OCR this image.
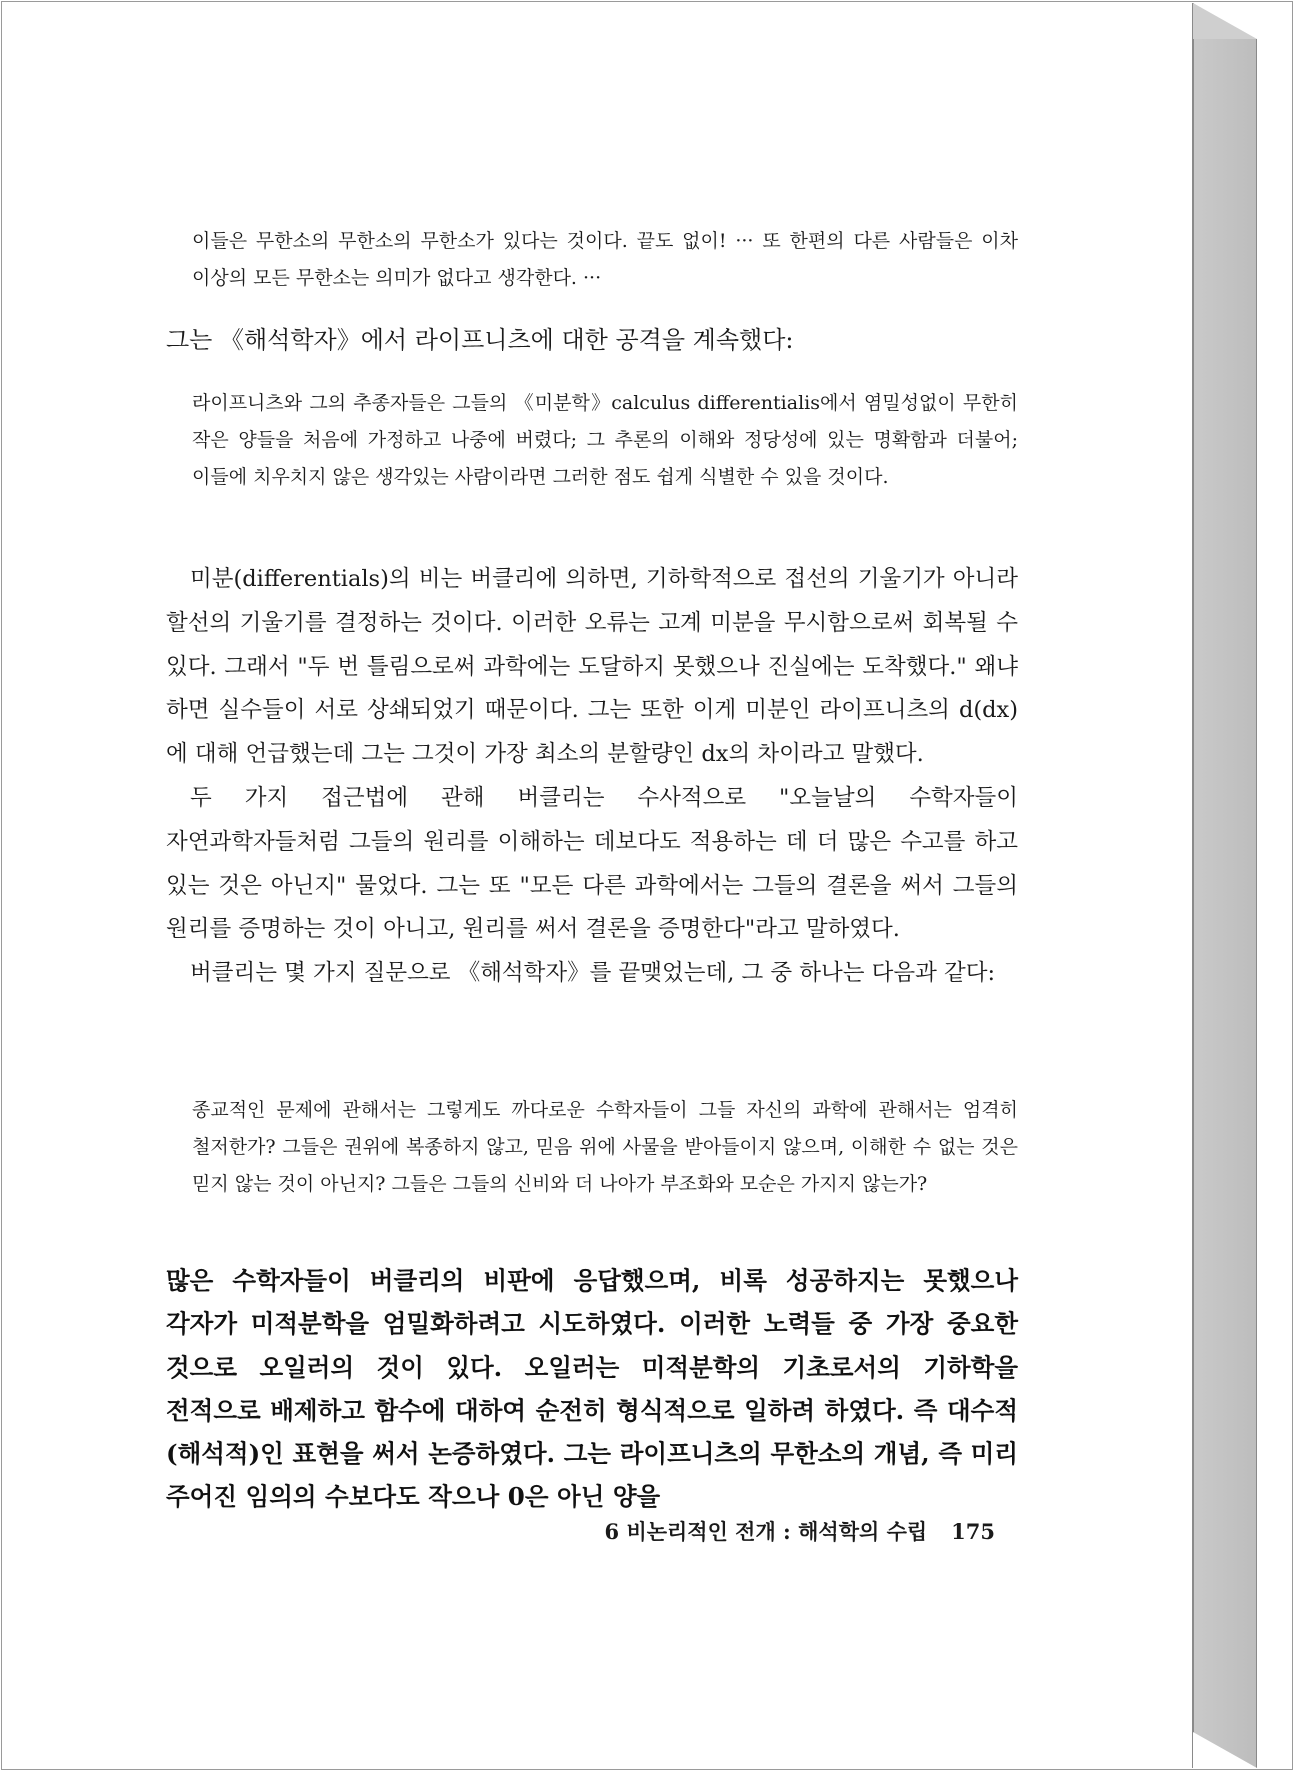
이들은 무한소의 무한소의 무한소가 있다는 것이다. 끝도 없이! ··· 또 한편의 다른 사람들은 이차 이상의 모든 무한소는 의미가 없다고 생각한다. ···
그는 《해석학자》에서 라이프니츠에 대한 공격을 계속했다:
라이프니츠와 그의 추종자들은 그들의 《미분학》calculus differentialis에서 염밀성없이 무한히 작은 양들을 처음에 가정하고 나중에 버렸다; 그 추론의 이해와 정당성에 있는 명확함과 더불어; 이들에 치우치지 않은 생각있는 사람이라면 그러한 점도 쉽게 식별한 수 있을 것이다.

미분(differentials)의 비는 버클리에 의하면, 기하학적으로 접선의 기울기가 아니라 할선의 기울기를 결정하는 것이다. 이러한 오류는 고계 미분을 무시함으로써 회복될 수 있다. 그래서 "두 번 틀림으로써 과학에는 도달하지 못했으나 진실에는 도착했다." 왜냐 하면 실수들이 서로 상쇄되었기 때문이다. 그는 또한 이게 미분인 라이프니츠의 d(dx)에 대해 언급했는데 그는 그것이 가장 최소의 분할량인 dx의 차이라고 말했다.

두 가지 접근법에 관해 버클리는 수사적으로 "오늘날의 수학자들이 자연과학자들처럼 그들의 원리를 이해하는 데보다도 적용하는 데 더 많은 수고를 하고 있는 것은 아닌지" 물었다. 그는 또 "모든 다른 과학에서는 그들의 결론을 써서 그들의 원리를 증명하는 것이 아니고, 원리를 써서 결론을 증명한다"라고 말하였다.

버클리는 몇 가지 질문으로 《해석학자》를 끝맺었는데, 그 중 하나는 다음과 같다:

종교적인 문제에 관해서는 그렇게도 까다로운 수학자들이 그들 자신의 과학에 관해서는 엄격히 철저한가? 그들은 권위에 복종하지 않고, 믿음 위에 사물을 받아들이지 않으며, 이해한 수 없는 것은 믿지 않는 것이 아닌지? 그들은 그들의 신비와 더 나아가 부조화와 모순은 가지지 않는가?
많은 수학자들이 버클리의 비판에 응답했으며, 비록 성공하지는 못했으나 각자가 미적분학을 엄밀화하려고 시도하였다. 이러한 노력들 중 가장 중요한 것으로 오일러의 것이 있다. 오일러는 미적분학의 기초로서의 기하학을 전적으로 배제하고 함수에 대하여 순전히 형식적으로 일하려 하였다. 즉 대수적(해석적)인 표현을 써서 논증하였다. 그는 라이프니츠의 무한소의 개념, 즉 미리 주어진 임의의 수보다도 작으나 0은 아닌 양을
6 비논리적인 전개 : 해석학의 수립 175
